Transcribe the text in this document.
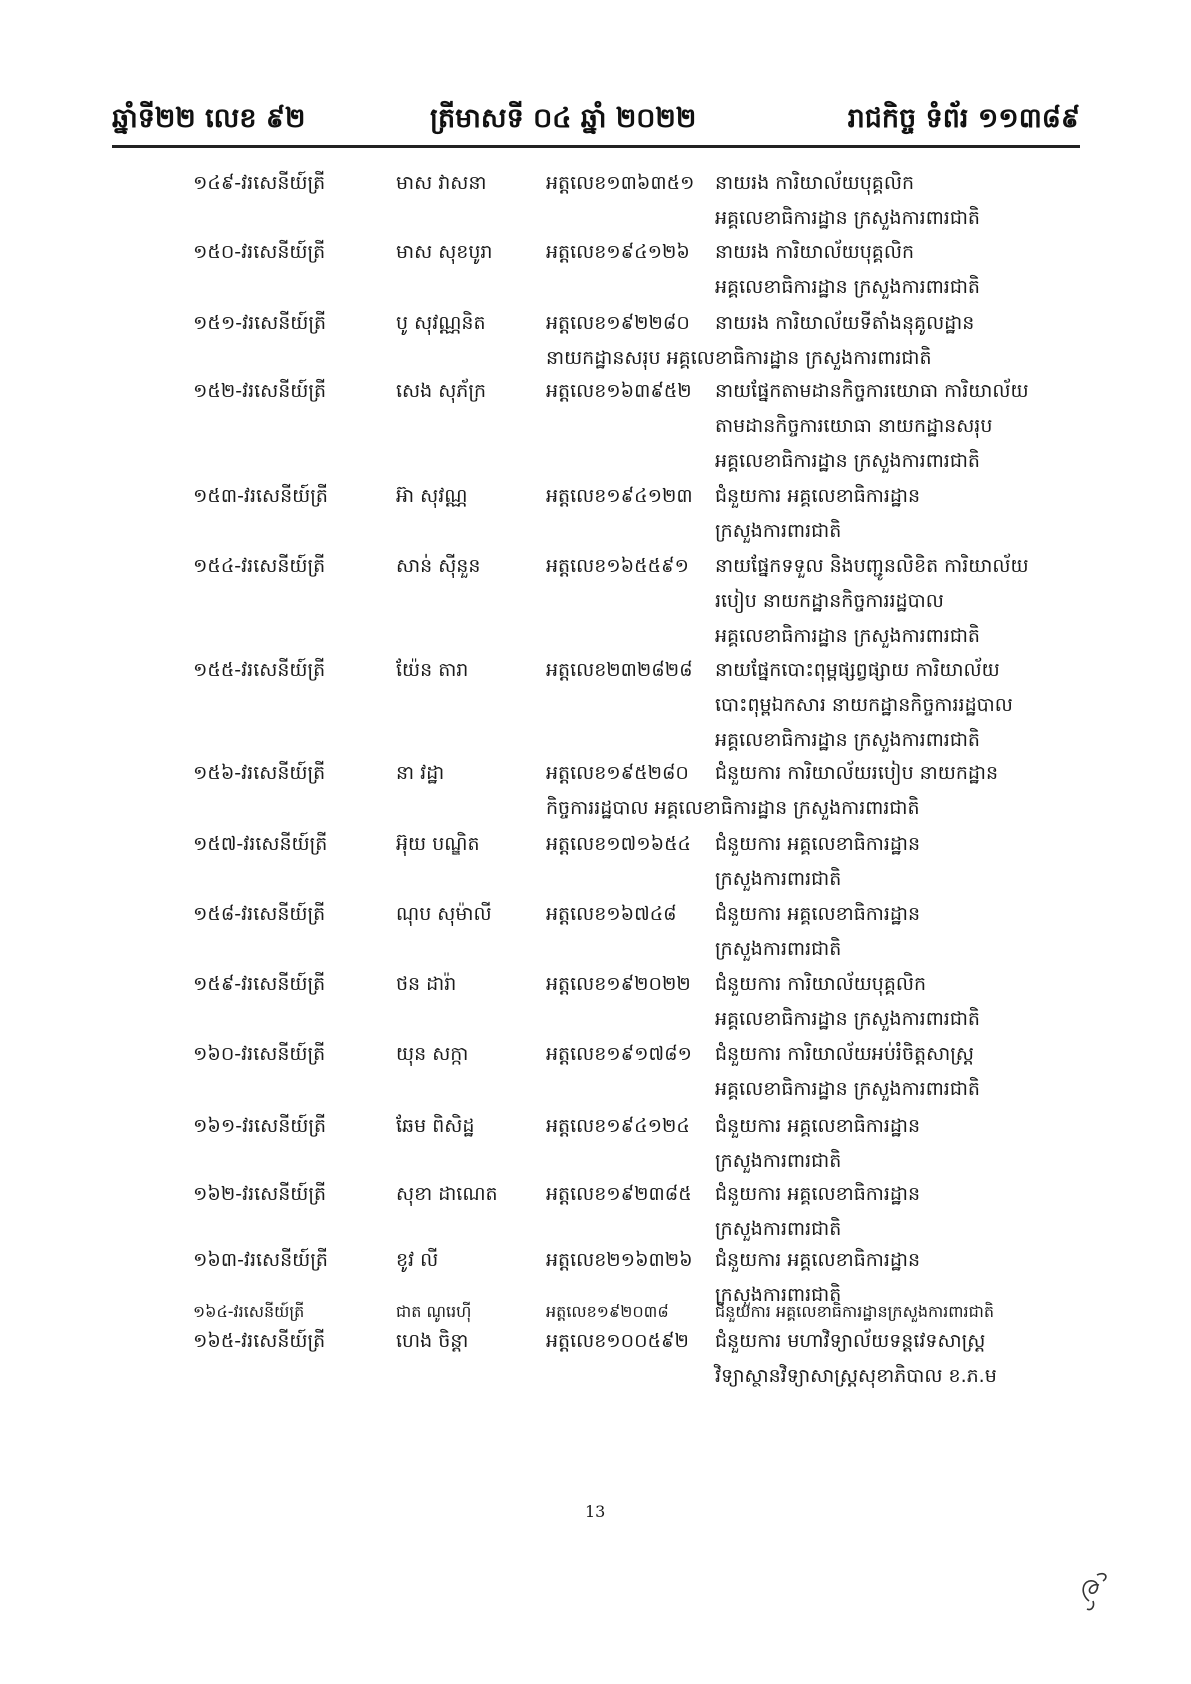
ឆ្នាំទី២២ លេខ ៩២	ត្រីមាសទី ០៤ ឆ្នាំ ២០២២	រាជកិច្ច ទំព័រ ១១៣៨៩
១៤៩-វរសេនីយ៍ត្រី	មាស វាសនា	អត្តលេខ១៣៦៣៥១ នាយរង ការិយាល័យបុគ្គលិក
អគ្គលេខាធិការដ្ឋាន ក្រសួងការពារជាតិ
១៥០-វរសេនីយ៍ត្រី	មាស សុខបូរា	អត្តលេខ១៩៤១២៦ នាយរង ការិយាល័យបុគ្គលិក
អគ្គលេខាធិការដ្ឋាន ក្រសួងការពារជាតិ
១៥១-វរសេនីយ៍ត្រី	បូ សុវណ្ណនិត	អត្តលេខ១៩២២៨០ នាយរង ការិយាល័យទីតាំងនុគូលដ្ឋាន
នាយកដ្ឋានសរុប អគ្គលេខាធិការដ្ឋាន ក្រសួងការពារជាតិ
១៥២-វរសេនីយ៍ត្រី	សេង សុភ័ក្រ	អត្តលេខ១៦៣៩៥២ នាយផ្នែកតាមដានកិច្ចការយោធា ការិយាល័យ
តាមដានកិច្ចការយោធា នាយកដ្ឋានសរុប
អគ្គលេខាធិការដ្ឋាន ក្រសួងការពារជាតិ
១៥៣-វរសេនីយ៍ត្រី	អ៊ា សុវណ្ណ	អត្តលេខ១៩៤១២៣ ជំនួយការ អគ្គលេខាធិការដ្ឋាន
ក្រសួងការពារជាតិ
១៥៤-វរសេនីយ៍ត្រី	សាន់ ស៊ីនួន	អត្តលេខ១៦៥៥៩១ នាយផ្នែកទទួល និងបញ្ជូនលិខិត ការិយាល័យ
របៀប នាយកដ្ឋានកិច្ចការរដ្ឋបាល
អគ្គលេខាធិការដ្ឋាន ក្រសួងការពារជាតិ
១៥៥-វរសេនីយ៍ត្រី	យ៉ែន តារា	អត្តលេខ២៣២៨២៨ នាយផ្នែកបោះពុម្ពផ្សព្វផ្សាយ ការិយាល័យ
បោះពុម្ពឯកសារ នាយកដ្ឋានកិច្ចការរដ្ឋបាល
អគ្គលេខាធិការដ្ឋាន ក្រសួងការពារជាតិ
១៥៦-វរសេនីយ៍ត្រី	នា វដ្ឋា	អត្តលេខ១៩៥២៨០ ជំនួយការ ការិយាល័យរបៀប នាយកដ្ឋាន
កិច្ចការរដ្ឋបាល អគ្គលេខាធិការដ្ឋាន ក្រសួងការពារជាតិ
១៥៧-វរសេនីយ៍ត្រី	អ៊ុយ បណ្ឌិត	អត្តលេខ១៧១៦៥៤ ជំនួយការ អគ្គលេខាធិការដ្ឋាន
ក្រសួងការពារជាតិ
១៥៨-វរសេនីយ៍ត្រី	ណុប សុម៉ាលី	អត្តលេខ១៦៧៤៨ ជំនួយការ អគ្គលេខាធិការដ្ឋាន
ក្រសួងការពារជាតិ
១៥៩-វរសេនីយ៍ត្រី	ថន ដារ៉ា	អត្តលេខ១៩២០២២ ជំនួយការ ការិយាល័យបុគ្គលិក
អគ្គលេខាធិការដ្ឋាន ក្រសួងការពារជាតិ
១៦០-វរសេនីយ៍ត្រី	យុន សក្កា	អត្តលេខ១៩១៧៨១ ជំនួយការ ការិយាល័យអប់រំចិត្តសាស្ត្រ
អគ្គលេខាធិការដ្ឋាន ក្រសួងការពារជាតិ
១៦១-វរសេនីយ៍ត្រី	ឆែម ពិសិដ្ឋ	អត្តលេខ១៩៤១២៤ ជំនួយការ អគ្គលេខាធិការដ្ឋាន
ក្រសួងការពារជាតិ
១៦២-វរសេនីយ៍ត្រី	សុខា ដាណេត	អត្តលេខ១៩២៣៨៥ ជំនួយការ អគ្គលេខាធិការដ្ឋាន
ក្រសួងការពារជាតិ
១៦៣-វរសេនីយ៍ត្រី	ខូវ លី	អត្តលេខ២១៦៣២៦ ជំនួយការ អគ្គលេខាធិការដ្ឋាន
ក្រសួងការពារជាតិ
១៦៤-វរសេនីយ៍ត្រី	ជាត ណូរេហ៊ី	អត្តលេខ១៩២០៣៨	ជំនួយការ អគ្គលេខាធិការដ្ឋានក្រសួងការពារជាតិ
១៦៥-វរសេនីយ៍ត្រី	ហេង ចិន្តា	អត្តលេខ១០០៥៩២ ជំនួយការ មហាវិទ្យាល័យទន្តវេទសាស្ត្រ
វិទ្យាស្ថានវិទ្យាសាស្ត្រសុខាភិបាល ខ.ភ.ម
13
